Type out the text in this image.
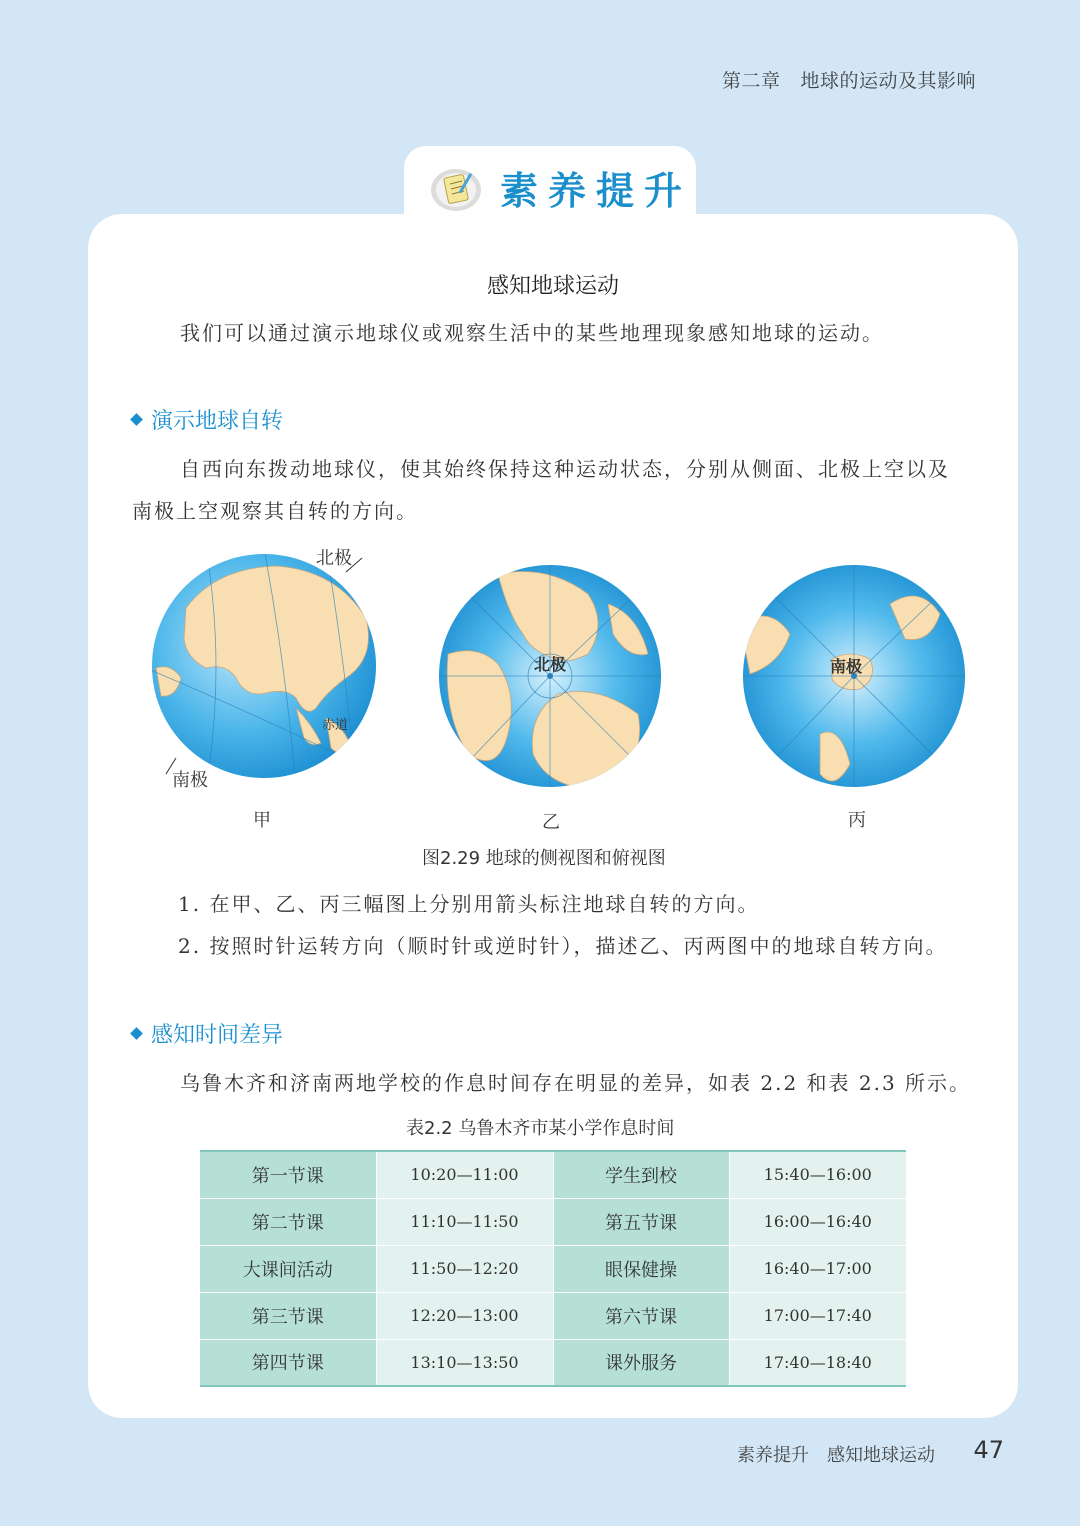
第二章 地球的运动及其影响
感知地球运动
我们可以通过演示地球仪或观察生活中的某些地理现象感知地球的运动。
演示地球自转
自西向东拨动地球仪，使其始终保持这种运动状态，分别从侧面、北极上空以及
南极上空观察其自转的方向。
北极
南极
赤道
甲
北极
乙
南极
丙
图2.29 地球的侧视图和俯视图
1. 在甲、乙、丙三幅图上分别用箭头标注地球自转的方向。
2. 按照时针运转方向（顺时针或逆时针），描述乙、丙两图中的地球自转方向。
感知时间差异
乌鲁木齐和济南两地学校的作息时间存在明显的差异，如表 2.2 和表 2.3 所示。
表2.2 乌鲁木齐市某小学作息时间
第一节课	10:20—11:00	学生到校	15:40—16:00
第二节课	11:10—11:50	第五节课	16:00—16:40
大课间活动	11:50—12:20	眼保健操	16:40—17:00
第三节课	12:20—13:00	第六节课	17:00—17:40
第四节课	13:10—13:50	课外服务	17:40—18:40
素养提升
素养提升 感知地球运动 47
